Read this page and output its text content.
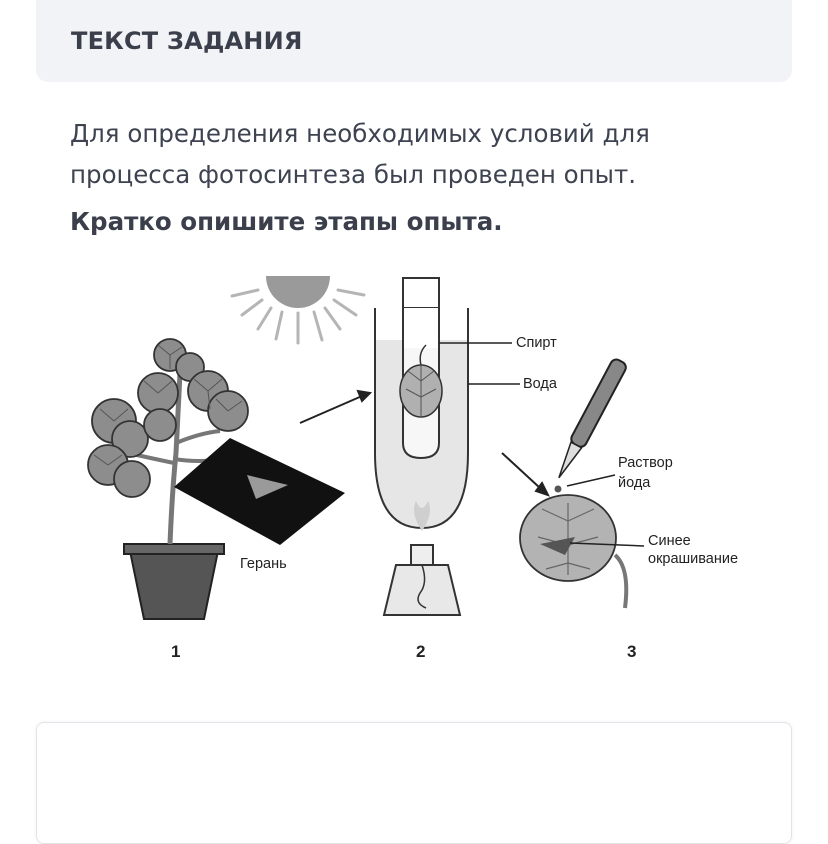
ТЕКСТ ЗАДАНИЯ
Для определения необходимых условий для
процесса фотосинтеза был проведен опыт.
Кратко опишите этапы опыта.
Спирт
Вода
Раствор
йода
Синее
окрашивание
Герань
1	2	3
